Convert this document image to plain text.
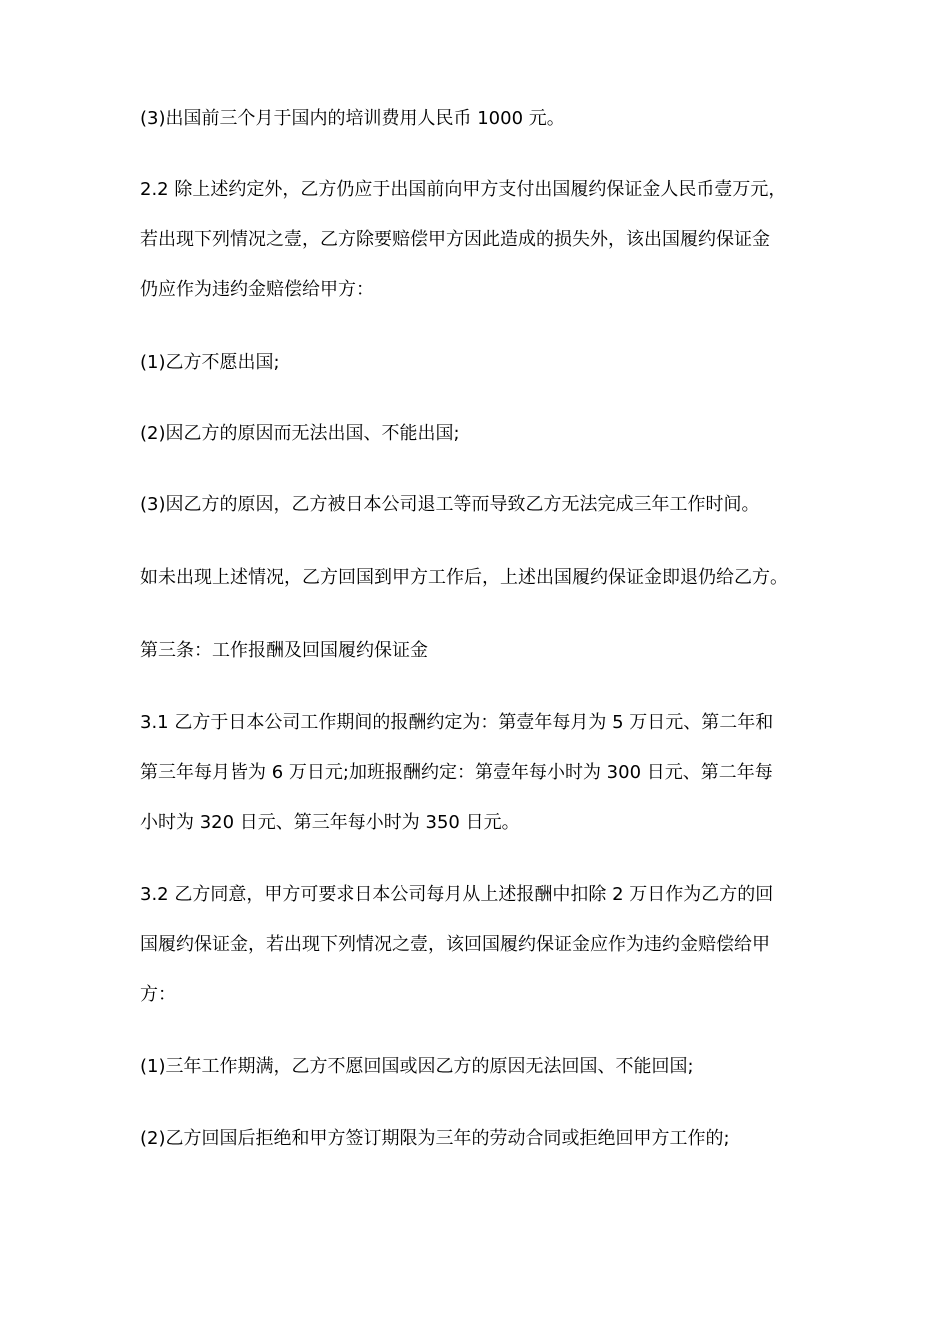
(3)出国前三个月于国内的培训费用人民币 1000 元。

2.2 除上述约定外，乙方仍应于出国前向甲方支付出国履约保证金人民币壹万元，
若出现下列情况之壹，乙方除要赔偿甲方因此造成的损失外，该出国履约保证金
仍应作为违约金赔偿给甲方：

(1)乙方不愿出国;

(2)因乙方的原因而无法出国、不能出国;

(3)因乙方的原因，乙方被日本公司退工等而导致乙方无法完成三年工作时间。

如未出现上述情况，乙方回国到甲方工作后，上述出国履约保证金即退仍给乙方。

第三条：工作报酬及回国履约保证金

3.1 乙方于日本公司工作期间的报酬约定为：第壹年每月为 5 万日元、第二年和
第三年每月皆为 6 万日元;加班报酬约定：第壹年每小时为 300 日元、第二年每
小时为 320 日元、第三年每小时为 350 日元。

3.2 乙方同意，甲方可要求日本公司每月从上述报酬中扣除 2 万日作为乙方的回
国履约保证金，若出现下列情况之壹，该回国履约保证金应作为违约金赔偿给甲
方：

(1)三年工作期满，乙方不愿回国或因乙方的原因无法回国、不能回国;

(2)乙方回国后拒绝和甲方签订期限为三年的劳动合同或拒绝回甲方工作的;
